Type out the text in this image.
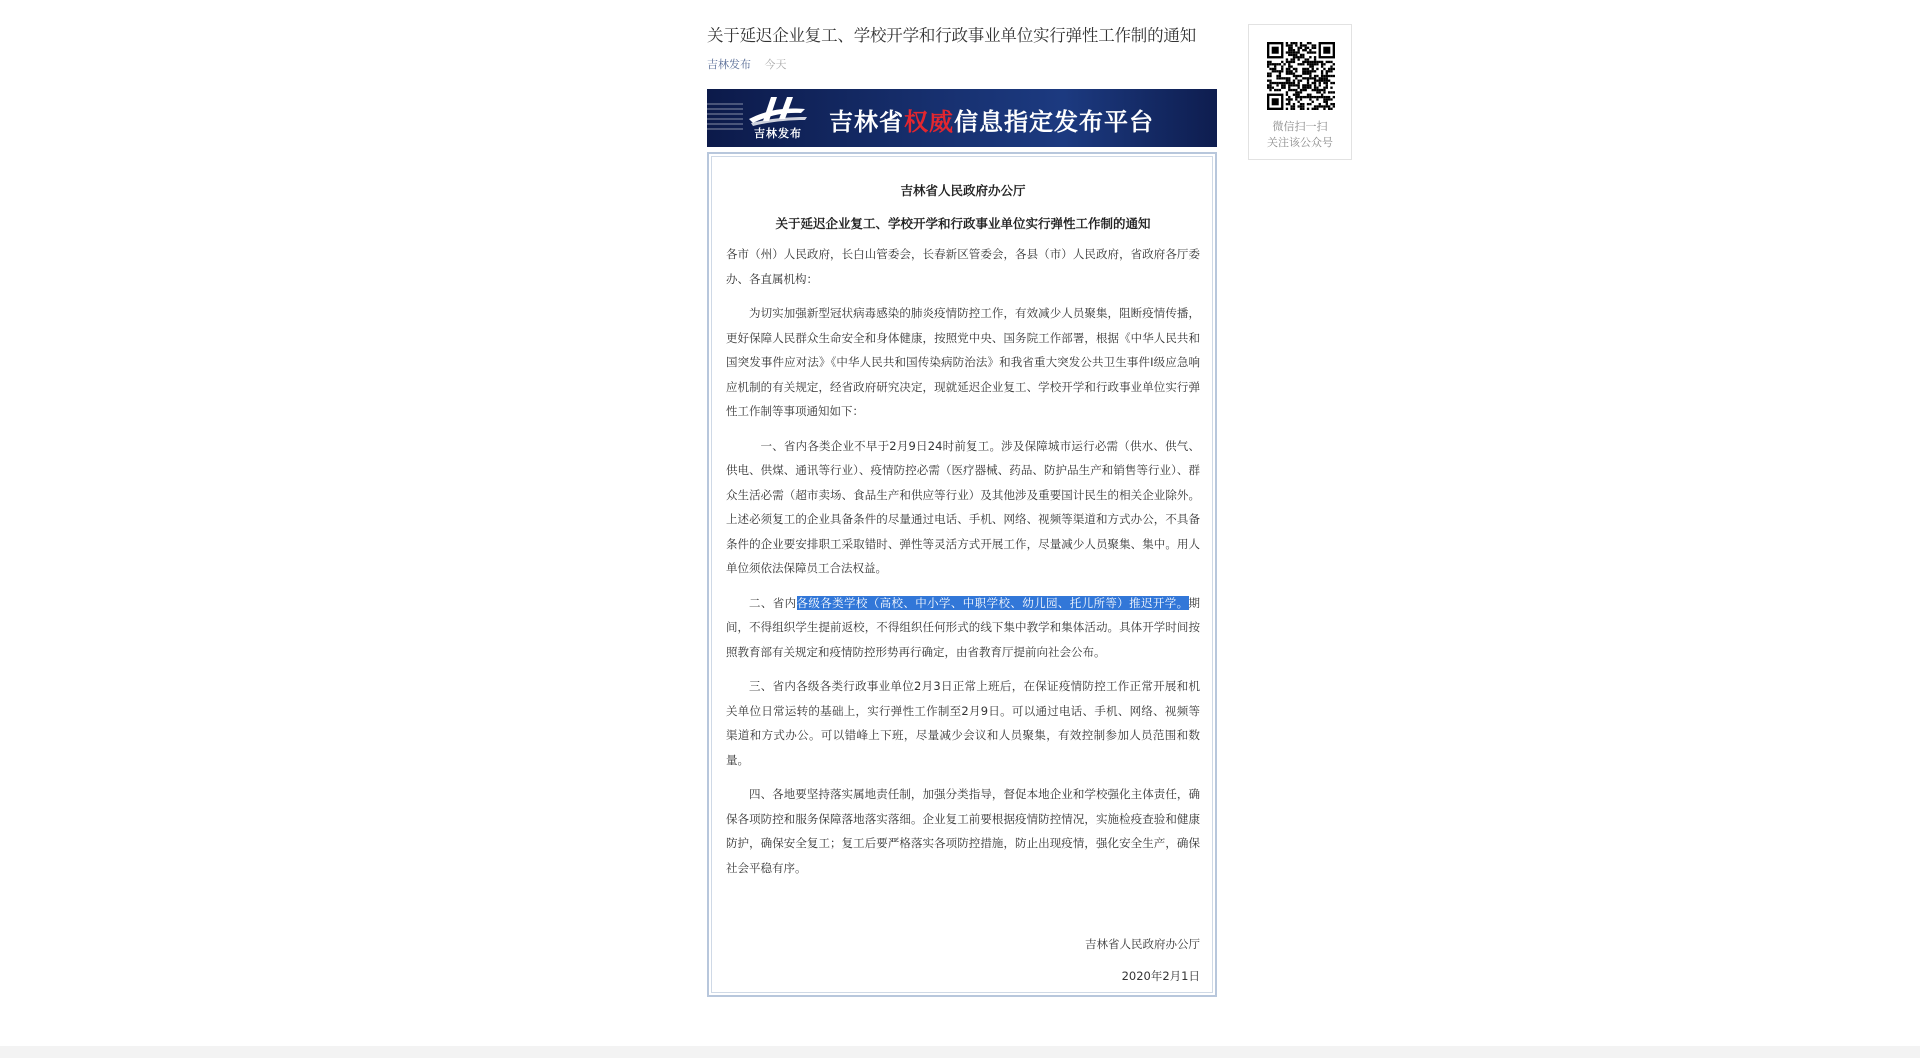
关于延迟企业复工、学校开学和行政事业单位实行弹性工作制的通知
吉林发布 今天
吉林发布	吉林省权威信息指定发布平台
吉林省人民政府办公厅
关于延迟企业复工、学校开学和行政事业单位实行弹性工作制的通知

各市（州）人民政府，长白山管委会，长春新区管委会，各县（市）人民政府，省政府各厅委办、各直属机构：

为切实加强新型冠状病毒感染的肺炎疫情防控工作，有效减少人员聚集，阻断疫情传播，更好保障人民群众生命安全和身体健康，按照党中央、国务院工作部署，根据《中华人民共和国突发事件应对法》《中华人民共和国传染病防治法》和我省重大突发公共卫生事件Ⅰ级应急响应机制的有关规定，经省政府研究决定，现就延迟企业复工、学校开学和行政事业单位实行弹性工作制等事项通知如下：

一、省内各类企业不早于2月9日24时前复工。涉及保障城市运行必需（供水、供气、供电、供煤、通讯等行业）、疫情防控必需（医疗器械、药品、防护品生产和销售等行业）、群众生活必需（超市卖场、食品生产和供应等行业）及其他涉及重要国计民生的相关企业除外。上述必须复工的企业具备条件的尽量通过电话、手机、网络、视频等渠道和方式办公，不具备条件的企业要安排职工采取错时、弹性等灵活方式开展工作，尽量减少人员聚集、集中。用人单位须依法保障员工合法权益。

二、省内各级各类学校（高校、中小学、中职学校、幼儿园、托儿所等）推迟开学。期间，不得组织学生提前返校，不得组织任何形式的线下集中教学和集体活动。具体开学时间按照教育部有关规定和疫情防控形势再行确定，由省教育厅提前向社会公布。

三、省内各级各类行政事业单位2月3日正常上班后，在保证疫情防控工作正常开展和机关单位日常运转的基础上，实行弹性工作制至2月9日。可以通过电话、手机、网络、视频等渠道和方式办公。可以错峰上下班，尽量减少会议和人员聚集，有效控制参加人员范围和数量。

四、各地要坚持落实属地责任制，加强分类指导，督促本地企业和学校强化主体责任，确保各项防控和服务保障落地落实落细。企业复工前要根据疫情防控情况，实施检疫查验和健康防护，确保安全复工；复工后要严格落实各项防控措施，防止出现疫情，强化安全生产，确保社会平稳有序。

吉林省人民政府办公厅
2020年2月1日
微信扫一扫
关注该公众号
